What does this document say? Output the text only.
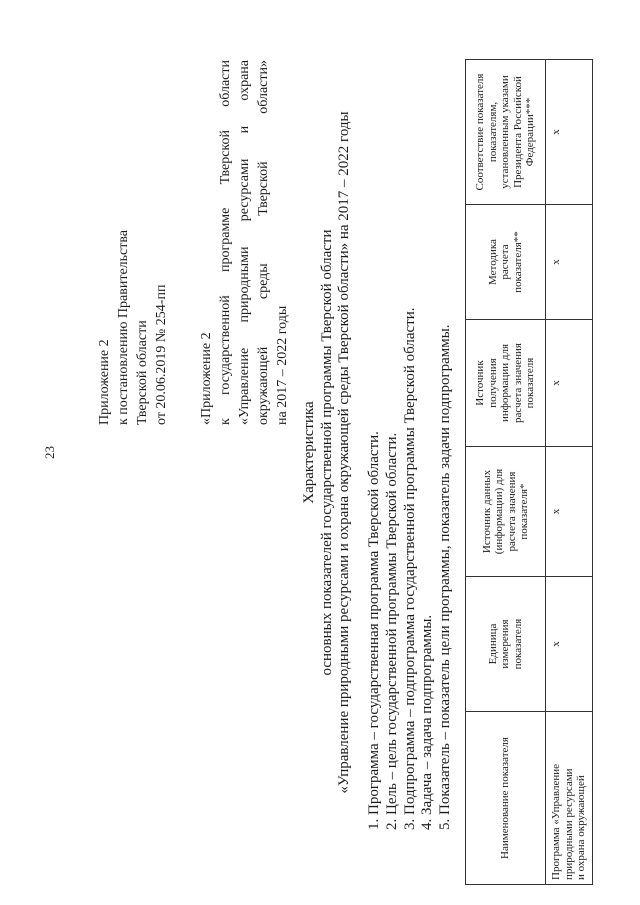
23
Приложение 2 к постановлению Правительства Тверской области от 20.06.2019 № 254-пп «Приложение 2 к государственной программе Тверской области «Управление природными ресурсами и охрана окружающей среды Тверской области» на 2017 – 2022 годы
Характеристика основных показателей государственной программы Тверской области «Управление природными ресурсами и охрана окружающей среды Тверской области» на 2017 – 2022 годы 1. Программа – государственная программа Тверской области. 2. Цель – цель государственной программы Тверской области. 3. Подпрограмма – подпрограмма государственной программы Тверской области. 4. Задача – задача подпрограммы. 5. Показатель – показатель цели программы, показатель задачи подпрограммы.	Наименование показателя	Единица измерения показателя	Источник данных (информации) для расчета значения показателя*	Источник получения информации для расчета значения показателя	Методика расчета показателя**	Соответствие показателя показателям, установленным указами Президента Российской Федерации***

Программа «Управление природными ресурсами и охрана окружающей	х	х	х	х	х
